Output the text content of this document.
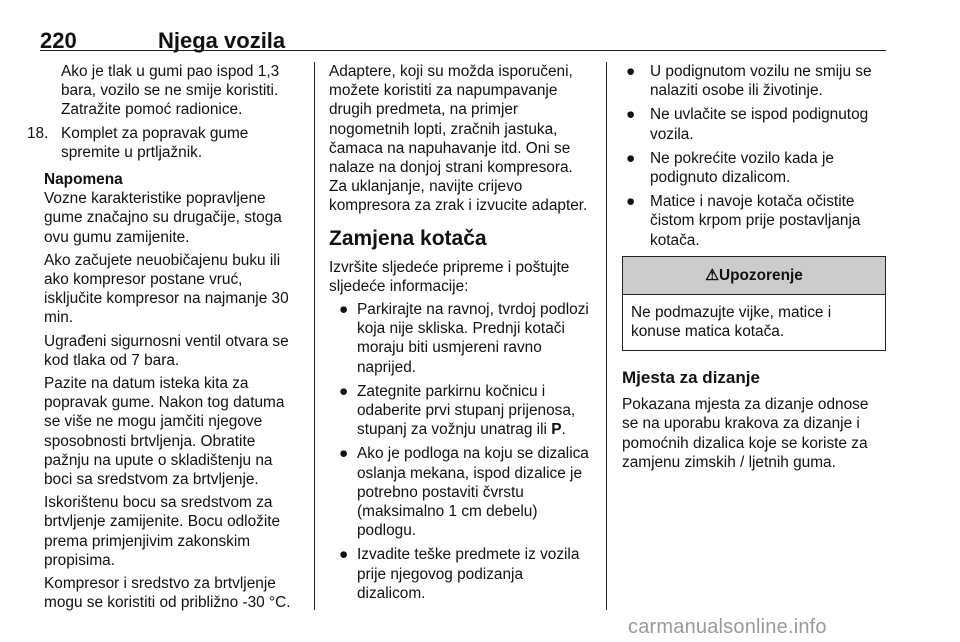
220	Njega vozila

Ako je tlak u gumi pao ispod 1,3 bara, vozilo se ne smije koristiti. Zatražite pomoć radionice.

18. Komplet za popravak gume spremite u prtljažnik.

Napomena

Vozne karakteristike popravljene gume značajno su drugačije, stoga ovu gumu zamijenite.

Ako začujete neuobičajenu buku ili ako kompresor postane vruć, isključite kompresor na najmanje 30 min.

Ugrađeni sigurnosni ventil otvara se kod tlaka od 7 bara.

Pazite na datum isteka kita za popravak gume. Nakon tog datuma se više ne mogu jamčiti njegove sposobnosti brtvljenja. Obratite pažnju na upute o skladištenju na boci sa sredstvom za brtvljenje.

Iskorištenu bocu sa sredstvom za brtvljenje zamijenite. Bocu odložite prema primjenjivim zakonskim propisima.

Kompresor i sredstvo za brtvljenje mogu se koristiti od približno -30 °C.

Adaptere, koji su možda isporučeni, možete koristiti za napumpavanje drugih predmeta, na primjer nogometnih lopti, zračnih jastuka, čamaca na napuhavanje itd. Oni se nalaze na donjoj strani kompresora. Za uklanjanje, navijte crijevo kompresora za zrak i izvucite adapter.

Zamjena kotača

Izvršite sljedeće pripreme i poštujte sljedeće informacije:

● Parkirajte na ravnoj, tvrdoj podlozi koja nije skliska. Prednji kotači moraju biti usmjereni ravno naprijed.
● Zategnite parkirnu kočnicu i odaberite prvi stupanj prijenosa, stupanj za vožnju unatrag ili P.
● Ako je podloga na koju se dizalica oslanja mekana, ispod dizalice je potrebno postaviti čvrstu (maksimalno 1 cm debelu) podlogu.
● Izvadite teške predmete iz vozila prije njegovog podizanja dizalicom.
● U podignutom vozilu ne smiju se nalaziti osobe ili životinje.
● Ne uvlačite se ispod podignutog vozila.
● Ne pokrećite vozilo kada je podignuto dizalicom.
● Matice i navoje kotača očistite čistom krpom prije postavljanja kotača.
⚠Upozorenje
Ne podmazujte vijke, matice i konuse matica kotača.
Mjesta za dizanje

Pokazana mjesta za dizanje odnose se na uporabu krakova za dizanje i pomoćnih dizalica koje se koriste za zamjenu zimskih / ljetnih guma.

carmanualsonline.info
